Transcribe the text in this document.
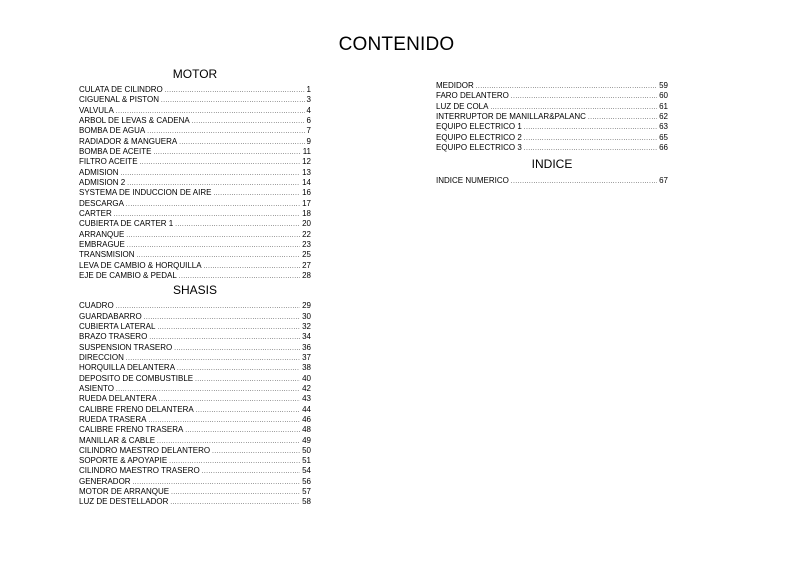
CONTENIDO
MOTOR
CULATA DE CILINDRO .....	1
CIGUENAL & PISTON .....	3
VALVULA .....	4
ARBOL DE LEVAS & CADENA .....	6
BOMBA DE AGUA .....	7
RADIADOR & MANGUERA .....	9
BOMBA DE ACEITE .....	11
FILTRO ACEITE .....	12
ADMISION .....	13
ADMISION 2 .....	14
SYSTEMA DE INDUCCION DE AIRE .....	16
DESCARGA .....	17
CARTER .....	18
CUBIERTA DE CARTER 1 .....	20
ARRANQUE .....	22
EMBRAGUE .....	23
TRANSMISION .....	25
LEVA DE CAMBIO & HORQUILLA .....	27
EJE DE CAMBIO & PEDAL .....	28
SHASIS
CUADRO .....	29
GUARDABARRO .....	30
CUBIERTA LATERAL .....	32
BRAZO TRASERO .....	34
SUSPENSION TRASERO .....	36
DIRECCION .....	37
HORQUILLA DELANTERA .....	38
DEPOSITO DE COMBUSTIBLE .....	40
ASIENTO .....	42
RUEDA DELANTERA .....	43
CALIBRE FRENO DELANTERA .....	44
RUEDA TRASERA .....	46
CALIBRE FRENO TRASERA .....	48
MANILLAR & CABLE .....	49
CILINDRO MAESTRO DELANTERO .....	50
SOPORTE & APOYAPIE .....	51
CILINDRO MAESTRO TRASERO .....	54
GENERADOR .....	56
MOTOR DE ARRANQUE .....	57
LUZ DE DESTELLADOR .....	58
MEDIDOR .....	59
FARO DELANTERO .....	60
LUZ DE COLA .....	61
INTERRUPTOR DE MANILLAR&PALANC .....	62
EQUIPO ELECTRICO 1 .....	63
EQUIPO ELECTRICO 2 .....	65
EQUIPO ELECTRICO 3 .....	66
INDICE
INDICE NUMERICO .....	67
